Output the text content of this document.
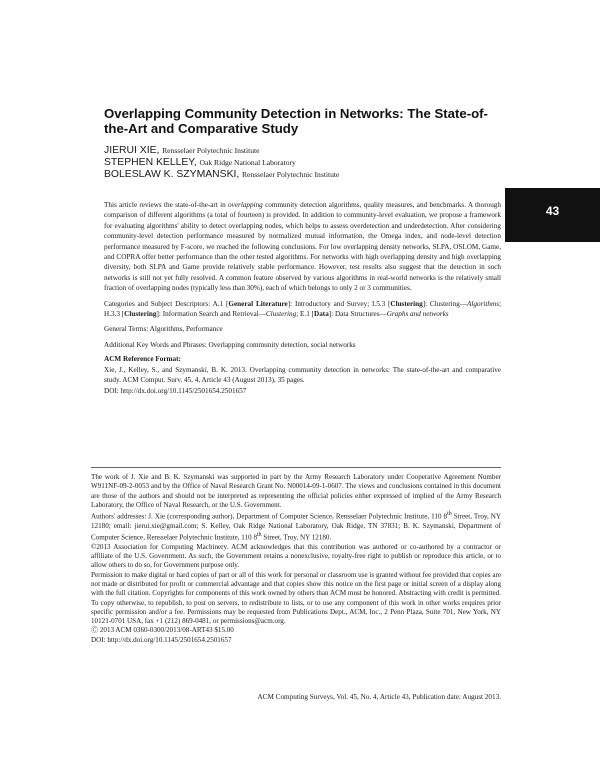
Overlapping Community Detection in Networks: The State-of-the-Art and Comparative Study
JIERUI XIE, Rensselaer Polytechnic Institute
STEPHEN KELLEY, Oak Ridge National Laboratory
BOLESLAW K. SZYMANSKI, Rensselaer Polytechnic Institute
43

This article reviews the state-of-the-art in overlapping community detection algorithms, quality measures, and benchmarks. A thorough comparison of different algorithms (a total of fourteen) is provided. In addition to community-level evaluation, we propose a framework for evaluating algorithms' ability to detect overlapping nodes, which helps to assess overdetection and underdetection. After considering community-level detection performance measured by normalized mutual information, the Omega index, and node-level detection performance measured by F-score, we reached the following conclusions. For low overlapping density networks, SLPA, OSLOM, Game, and COPRA offer better performance than the other tested algorithms. For networks with high overlapping density and high overlapping diversity, both SLPA and Game provide relatively stable performance. However, test results also suggest that the detection in such networks is still not yet fully resolved. A common feature observed by various algorithms in real-world networks is the relatively small fraction of overlapping nodes (typically less than 30%), each of which belongs to only 2 or 3 communities.

Categories and Subject Descriptors: A.1 [General Literature]: Introductory and Survey; I.5.3 [Clustering]: Clustering—Algorithms; H.3.3 [Clustering]: Information Search and Retrieval—Clustering; E.1 [Data]: Data Structures—Graphs and networks

General Terms: Algorithms, Performance

Additional Key Words and Phrases: Overlapping community detection, social networks

ACM Reference Format:

Xie, J., Kelley, S., and Szymanski, B. K. 2013. Overlapping community detection in networks: The state-of-the-art and comparative study. ACM Comput. Surv. 45, 4, Article 43 (August 2013), 35 pages.

DOI: http://dx.doi.org/10.1145/2501654.2501657

The work of J. Xie and B. K. Szymanski was supported in part by the Army Research Laboratory under Cooperative Agreement Number W911NF-09-2-0053 and by the Office of Naval Research Grant No. N00014-09-1-0607. The views and conclusions contained in this document are those of the authors and should not be interpreted as representing the official policies either expressed of implied of the Army Research Laboratory, the Office of Naval Research, or the U.S. Government.

Authors' addresses: J. Xie (corresponding author), Department of Computer Science, Rensselaer Polytechnic Institute, 110 8th Street, Troy, NY 12180; email: jierui.xie@gmail.com; S. Kelley, Oak Ridge National Laboratory, Oak Ridge, TN 37831; B. K. Szymanski, Department of Computer Science, Rensselaer Polytechnic Institute, 110 8th Street, Troy, NY 12180.

©2013 Association for Computing Machinery. ACM acknowledges that this contribution was authored or co-authored by a contractor or affiliate of the U.S. Government. As such, the Government retains a nonexclusive, royalty-free right to publish or reproduce this article, or to allow others to do so, for Government purpose only.

Permission to make digital or hard copies of part or all of this work for personal or classroom use is granted without fee provided that copies are not made or distributed for profit or commercial advantage and that copies show this notice on the first page or initial screen of a display along with the full citation. Copyrights for components of this work owned by others than ACM must be honored. Abstracting with credit is permitted. To copy otherwise, to republish, to post on servers, to redistribute to lists, or to use any component of this work in other works requires prior specific permission and/or a fee. Permissions may be requested from Publications Dept., ACM, Inc., 2 Penn Plaza, Suite 701, New York, NY 10121-0701 USA, fax +1 (212) 869-0481, or permissions@acm.org.

Ⓒ 2013 ACM 0360-0300/2013/08-ART43 $15.00

DOI: http://dx.doi.org/10.1145/2501654.2501657

ACM Computing Surveys, Vol. 45, No. 4, Article 43, Publication date: August 2013.
